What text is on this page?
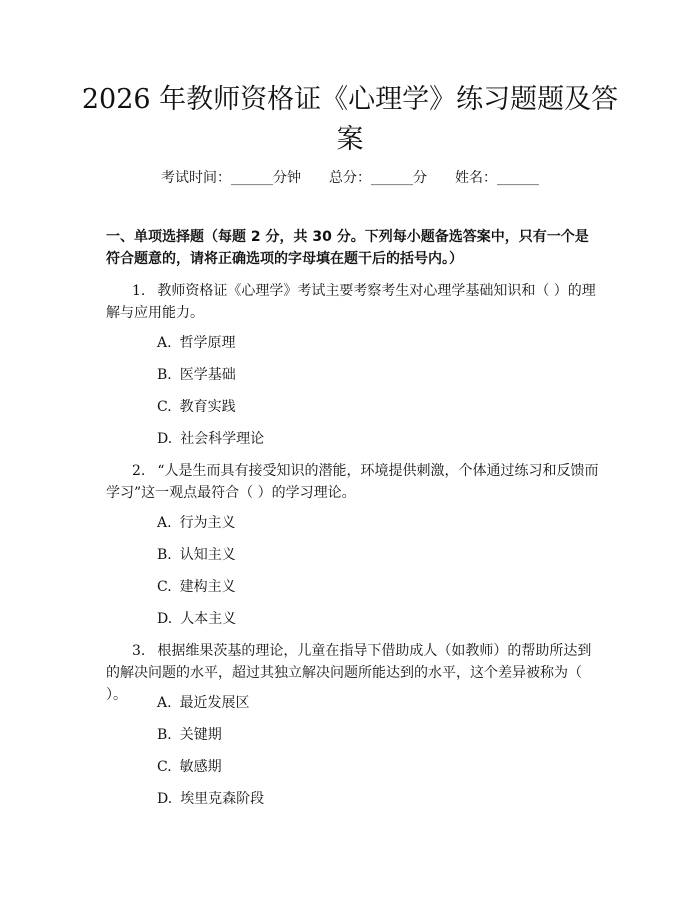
2026 年教师资格证《心理学》练习题题及答案
考试时间：______分钟 总分：______分 姓名：______

一、单项选择题（每题 2 分，共 30 分。下列每小题备选答案中，只有一个是符合题意的，请将正确选项的字母填在题干后的括号内。）

1. 教师资格证《心理学》考试主要考察考生对心理学基础知识和（ ）的理解与应用能力。

A. 哲学原理
B. 医学基础
C. 教育实践
D. 社会科学理论

2. “人是生而具有接受知识的潜能，环境提供刺激，个体通过练习和反馈而学习”这一观点最符合（ ）的学习理论。

A. 行为主义
B. 认知主义
C. 建构主义
D. 人本主义

3. 根据维果茨基的理论，儿童在指导下借助成人（如教师）的帮助所达到的解决问题的水平，超过其独立解决问题所能达到的水平，这个差异被称为（ ）。	A. 最近发展区
B. 关键期
C. 敏感期
D. 埃里克森阶段
